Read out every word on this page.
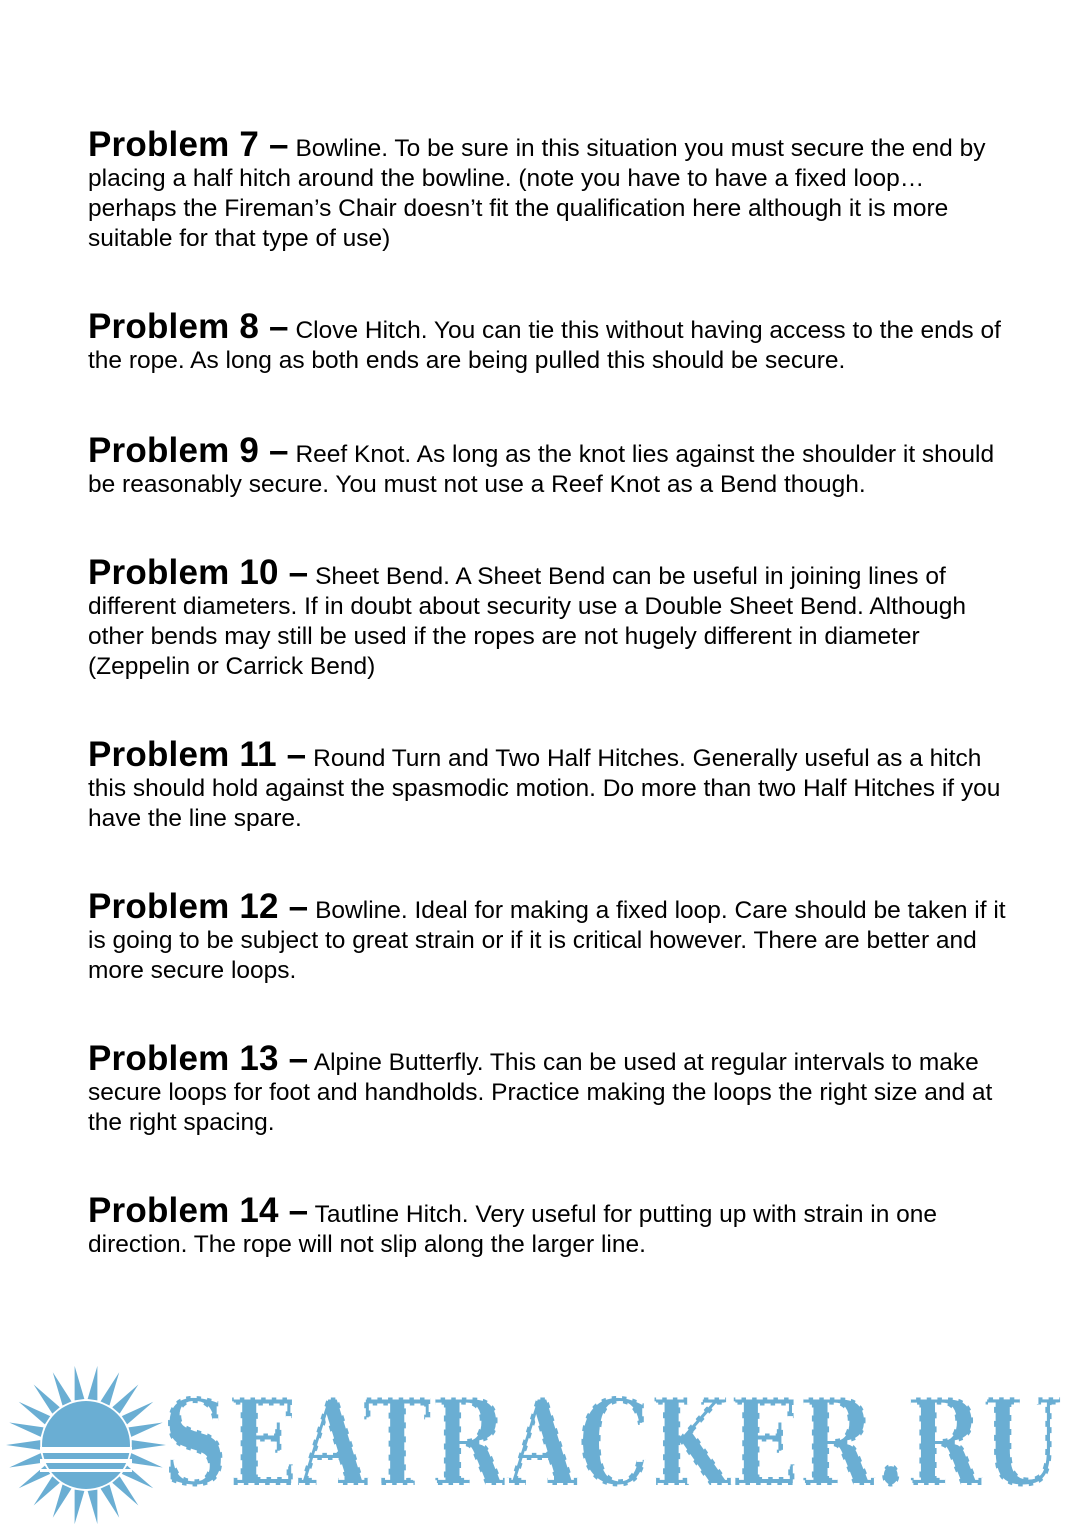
Problem 7 – Bowline. To be sure in this situation you must secure the end by placing a half hitch around the bowline. (note you have to have a fixed loop… perhaps the Fireman’s Chair doesn’t fit the qualification here although it is more suitable for that type of use)

Problem 8 – Clove Hitch. You can tie this without having access to the ends of the rope. As long as both ends are being pulled this should be secure.

Problem 9 – Reef Knot. As long as the knot lies against the shoulder it should be reasonably secure. You must not use a Reef Knot as a Bend though.

Problem 10 – Sheet Bend. A Sheet Bend can be useful in joining lines of different diameters. If in doubt about security use a Double Sheet Bend. Although other bends may still be used if the ropes are not hugely different in diameter (Zeppelin or Carrick Bend)

Problem 11 – Round Turn and Two Half Hitches. Generally useful as a hitch this should hold against the spasmodic motion. Do more than two Half Hitches if you have the line spare.

Problem 12 – Bowline. Ideal for making a fixed loop. Care should be taken if it is going to be subject to great strain or if it is critical however. There are better and more secure loops.

Problem 13 – Alpine Butterfly. This can be used at regular intervals to make secure loops for foot and handholds. Practice making the loops the right size and at the right spacing.

Problem 14 – Tautline Hitch. Very useful for putting up with strain in one direction. The rope will not slip along the larger line.

SEATRACKER.RU
